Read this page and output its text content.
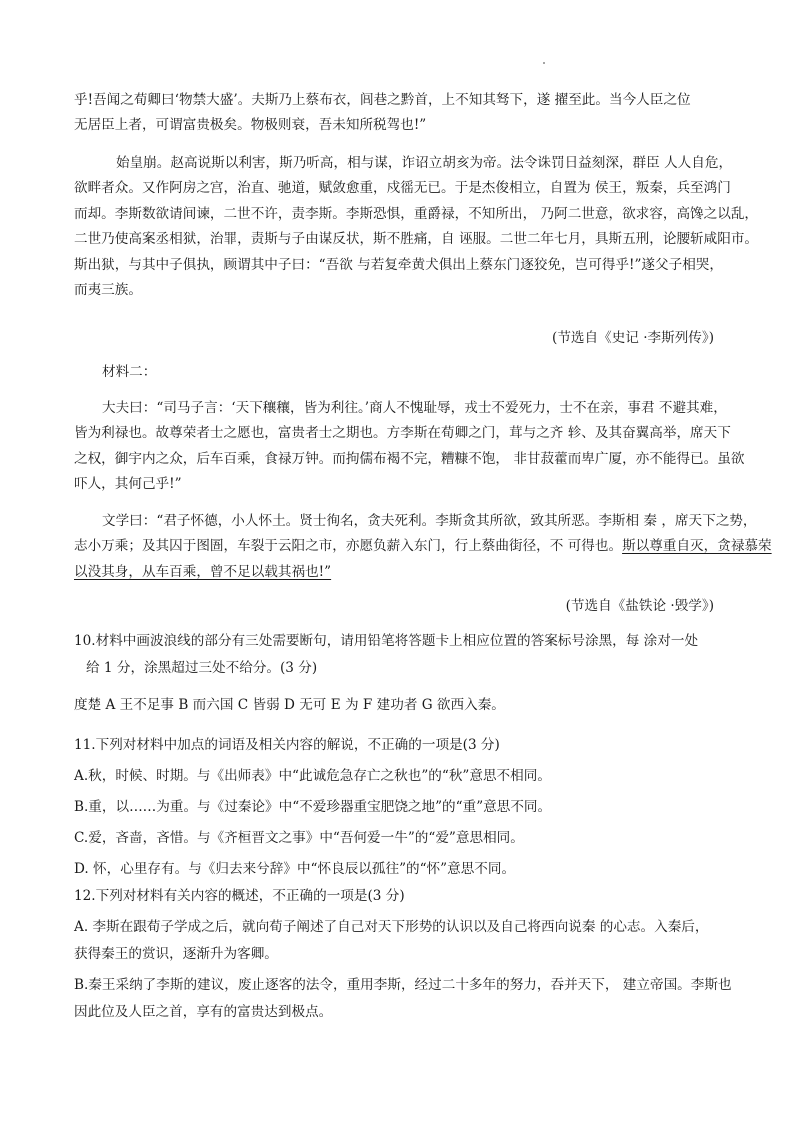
乎!吾闻之荀卿曰‘物禁大盛’。夫斯乃上蔡布衣，闾巷之黔首，上不知其驽下，遂 擢至此。当今人臣之位
无居臣上者，可谓富贵极矣。物极则衰，吾未知所税驾也!”
始皇崩。赵高说斯以利害，斯乃听高，相与谋，诈诏立胡亥为帝。法令诛罚日益刻深，群臣 人人自危，
欲畔者众。又作阿房之宫，治直、驰道，赋敛愈重，戍徭无已。于是杰俊相立，自置为 侯王，叛秦，兵至鸿门
而却。李斯数欲请间谏，二世不许，责李斯。李斯恐惧，重爵禄，不知所出， 乃阿二世意，欲求容，高馋之以乱，
二世乃使高案丞相狱，治罪，责斯与子由谋反状，斯不胜痛，自 诬服。二世二年七月，具斯五刑，论腰斩咸阳市。
斯出狱，与其中子俱执，顾谓其中子曰：“吾欲 与若复牵黄犬俱出上蔡东门逐狡免，岂可得乎!”遂父子相哭，
而夷三族。
(节选自《史记 ·李斯列传》)
材料二：
大夫曰：“司马子言：‘天下穰穰，皆为利往。’商人不愧耻辱，戎士不爱死力，士不在亲，事君 不避其难，
皆为利禄也。故尊荣者士之愿也，富贵者士之期也。方李斯在荀卿之门，茸与之齐 轸、及其奋翼高举，席天下
之权，御宇内之众，后车百乘，食禄万钟。而拘儒布褐不完，糟糠不饱， 非甘菽藿而卑广厦，亦不能得已。虽欲
吓人，其何己乎!”
文学曰：“君子怀德，小人怀土。贤士徇名，贪夫死利。李斯贪其所欲，致其所恶。李斯相 秦 ，席天下之势，
志小万乘；及其囚于图圄，车裂于云阳之市，亦愿负薪入东门，行上蔡曲街径，不 可得也。斯以尊重自灭，贪禄慕荣
以没其身，从车百乘，曾不足以载其祸也!”
(节选自《盐铁论 ·毁学》)
10.材料中画波浪线的部分有三处需要断句，请用铅笔将答题卡上相应位置的答案标号涂黑，每 涂对一处
给 1 分，涂黑超过三处不给分。(3 分)
度楚 A 王不足事 B 而六国 C 皆弱 D 无可 E 为 F 建功者 G 欲西入秦。
11.下列对材料中加点的词语及相关内容的解说，不正确的一项是(3 分)
A.秋，时候、时期。与《出师表》中“此诚危急存亡之秋也”的“秋”意思不相同。
B.重，以……为重。与《过秦论》中“不爱珍器重宝肥饶之地”的“重”意思不同。
C.爱，吝啬，吝惜。与《齐桓晋文之事》中“吾何爱一牛”的“爱”意思相同。
D. 怀，心里存有。与《归去来兮辞》中“怀良辰以孤往”的“怀”意思不同。
12.下列对材料有关内容的概述，不正确的一项是(3 分)
A. 李斯在跟荀子学成之后，就向荀子阐述了自己对天下形势的认识以及自己将西向说秦 的心志。入秦后，
获得秦王的赏识，逐渐升为客卿。
B.秦王采纳了李斯的建议，废止逐客的法令，重用李斯，经过二十多年的努力，吞并天下， 建立帝国。李斯也
因此位及人臣之首，享有的富贵达到极点。
